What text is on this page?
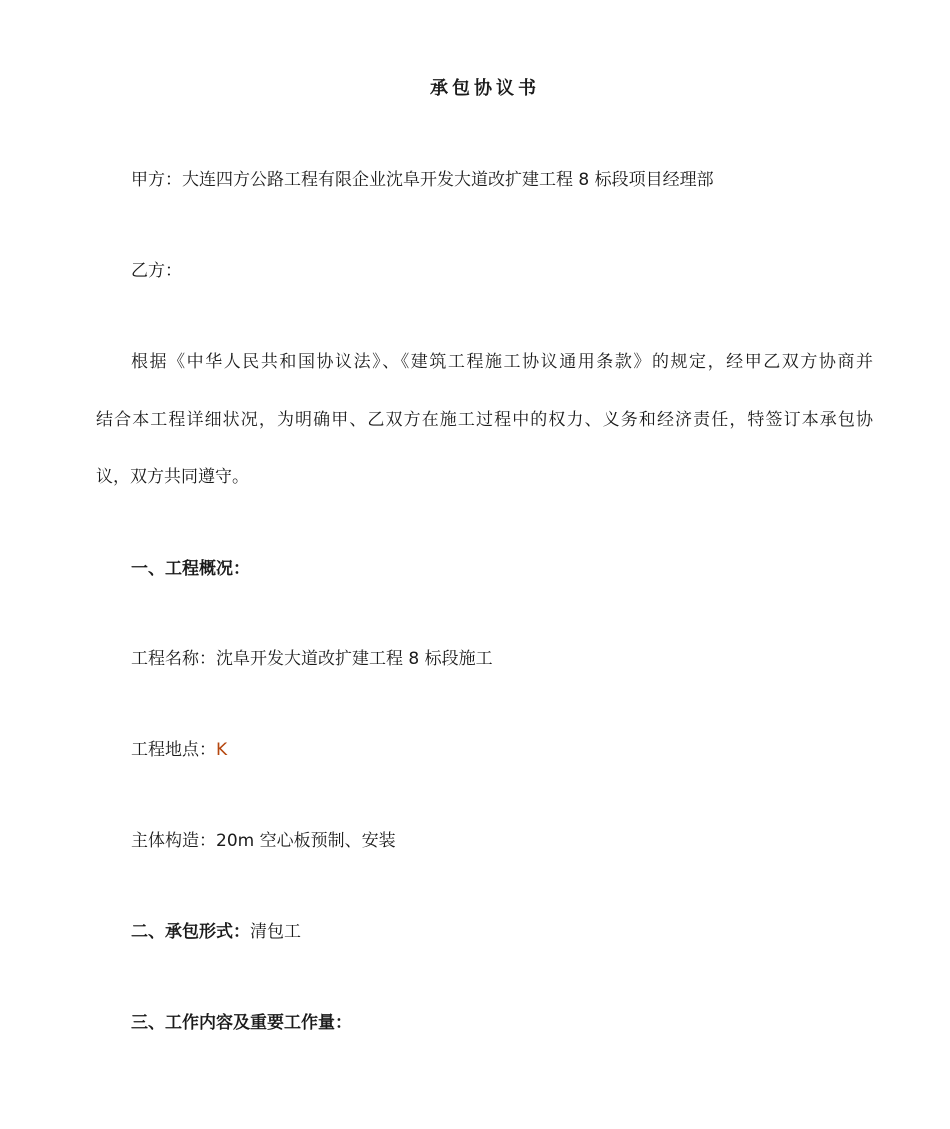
承包协议书
甲方：大连四方公路工程有限企业沈阜开发大道改扩建工程 8 标段项目经理部
乙方：
根据《中华人民共和国协议法》、《建筑工程施工协议通用条款》的规定，经甲乙双方协商并
结合本工程详细状况，为明确甲、乙双方在施工过程中的权力、义务和经济责任，特签订本承包协
议，双方共同遵守。
一、工程概况：
工程名称：沈阜开发大道改扩建工程 8 标段施工
工程地点：K
主体构造：20m 空心板预制、安装
二、承包形式：清包工
三、工作内容及重要工作量：
